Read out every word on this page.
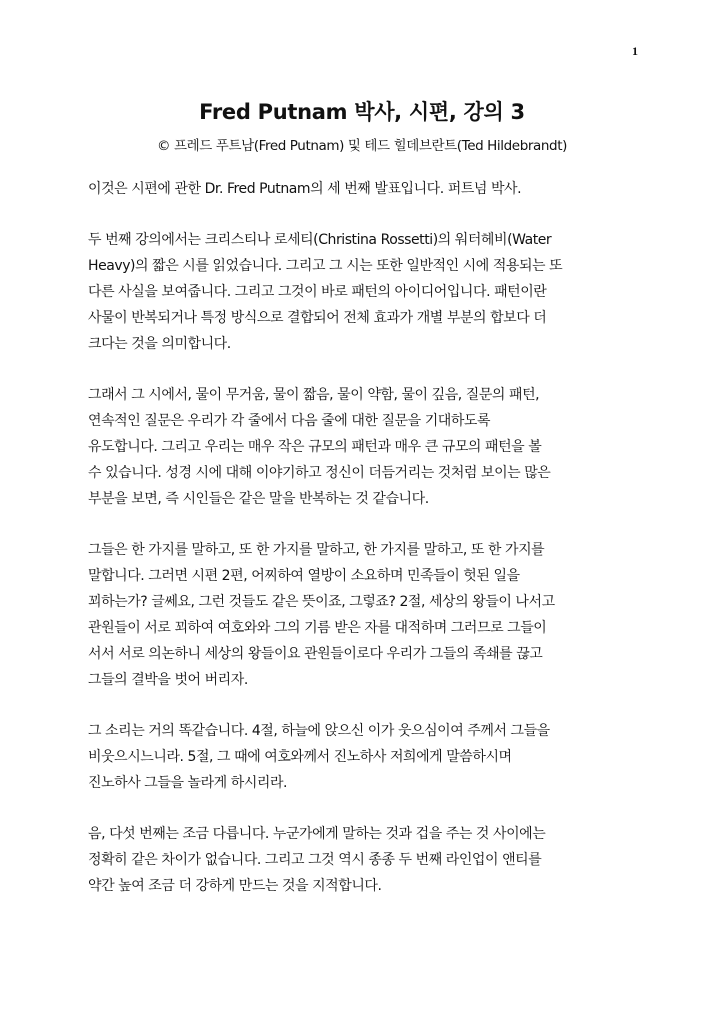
1
Fred Putnam 박사, 시편, 강의 3
© 프레드 푸트남(Fred Putnam) 및 테드 힐데브란트(Ted Hildebrandt)

이것은 시편에 관한 Dr. Fred Putnam의 세 번째 발표입니다. 퍼트넘 박사.

두 번째 강의에서는 크리스티나 로세티(Christina Rossetti)의 워터헤비(Water
Heavy)의 짧은 시를 읽었습니다. 그리고 그 시는 또한 일반적인 시에 적용되는 또
다른 사실을 보여줍니다. 그리고 그것이 바로 패턴의 아이디어입니다. 패턴이란
사물이 반복되거나 특정 방식으로 결합되어 전체 효과가 개별 부분의 합보다 더
크다는 것을 의미합니다.

그래서 그 시에서, 물이 무거움, 물이 짧음, 물이 약함, 물이 깊음, 질문의 패턴,
연속적인 질문은 우리가 각 줄에서 다음 줄에 대한 질문을 기대하도록
유도합니다. 그리고 우리는 매우 작은 규모의 패턴과 매우 큰 규모의 패턴을 볼
수 있습니다. 성경 시에 대해 이야기하고 정신이 더듬거리는 것처럼 보이는 많은
부분을 보면, 즉 시인들은 같은 말을 반복하는 것 같습니다.

그들은 한 가지를 말하고, 또 한 가지를 말하고, 한 가지를 말하고, 또 한 가지를
말합니다. 그러면 시편 2편, 어찌하여 열방이 소요하며 민족들이 헛된 일을
꾀하는가? 글쎄요, 그런 것들도 같은 뜻이죠, 그렇죠? 2절, 세상의 왕들이 나서고
관원들이 서로 꾀하여 여호와와 그의 기름 받은 자를 대적하며 그러므로 그들이
서서 서로 의논하니 세상의 왕들이요 관원들이로다 우리가 그들의 족쇄를 끊고
그들의 결박을 벗어 버리자.

그 소리는 거의 똑같습니다. 4절, 하늘에 앉으신 이가 웃으심이여 주께서 그들을
비웃으시느니라. 5절, 그 때에 여호와께서 진노하사 저희에게 말씀하시며
진노하사 그들을 놀라게 하시리라.

음, 다섯 번째는 조금 다릅니다. 누군가에게 말하는 것과 겁을 주는 것 사이에는
정확히 같은 차이가 없습니다. 그리고 그것 역시 종종 두 번째 라인업이 앤티를
약간 높여 조금 더 강하게 만드는 것을 지적합니다.
